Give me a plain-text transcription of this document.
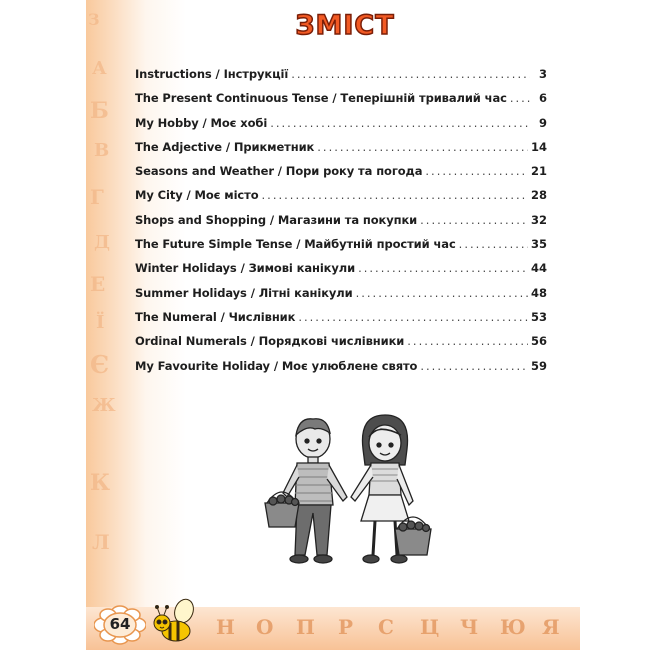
З
А
Б
В
Г
Д
Е
Ї
Є
Ж
К
Л
ЗМІСТ
Instructions / Інструкції .....	3
The Present Continuous Tense / Теперішній тривалий час .....	6
My Hobby / Моє хобі .....	9
The Adjective / Прикметник .....	14
Seasons and Weather / Пори року та погода .....	21
My City / Моє місто .....	28
Shops and Shopping / Магазини та покупки .....	32
The Future Simple Tense / Майбутній простий час .....	35
Winter Holidays / Зимові канікули .....	44
Summer Holidays / Літні канікули .....	48
The Numeral / Числівник .....	53
Ordinal Numerals / Порядкові числівники .....	56
My Favourite Holiday / Моє улюблене свято .....	59
64	Н О П Р С Ц Ч Ю Я
